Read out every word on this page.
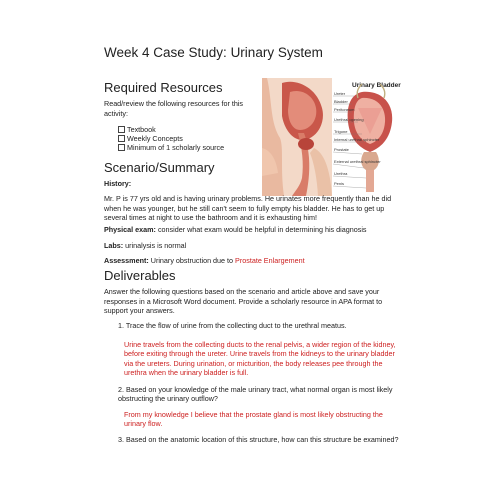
Week 4 Case Study: Urinary System
Required Resources
Read/review the following resources for this activity:
Textbook
Weekly Concepts
Minimum of 1 scholarly source
Urinary Bladder
Ureter
Bladder
Peritoneum
Urethral opening
Trigone
Internal urethral sphincter
Prostate
External urethral sphincter
Urethra
Penis
Scenario/Summary
History:
Mr. P is 77 yrs old and is having urinary problems. He urinates more frequently than he did when he was younger, but he still can't seem to fully empty his bladder. He has to get up several times at night to use the bathroom and it is exhausting him!
Physical exam: consider what exam would be helpful in determining his diagnosis
Labs: urinalysis is normal
Assessment: Urinary obstruction due to Prostate Enlargement
Deliverables
Answer the following questions based on the scenario and article above and save your responses in a Microsoft Word document. Provide a scholarly resource in APA format to support your answers.
1. Trace the flow of urine from the collecting duct to the urethral meatus.
Urine travels from the collecting ducts to the renal pelvis, a wider region of the kidney, before exiting through the ureter. Urine travels from the kidneys to the urinary bladder via the ureters. During urination, or micturition, the body releases pee through the urethra when the urinary bladder is full.
2. Based on your knowledge of the male urinary tract, what normal organ is most likely obstructing the urinary outflow?
From my knowledge I believe that the prostate gland is most likely obstructing the urinary flow.
3. Based on the anatomic location of this structure, how can this structure be examined?
